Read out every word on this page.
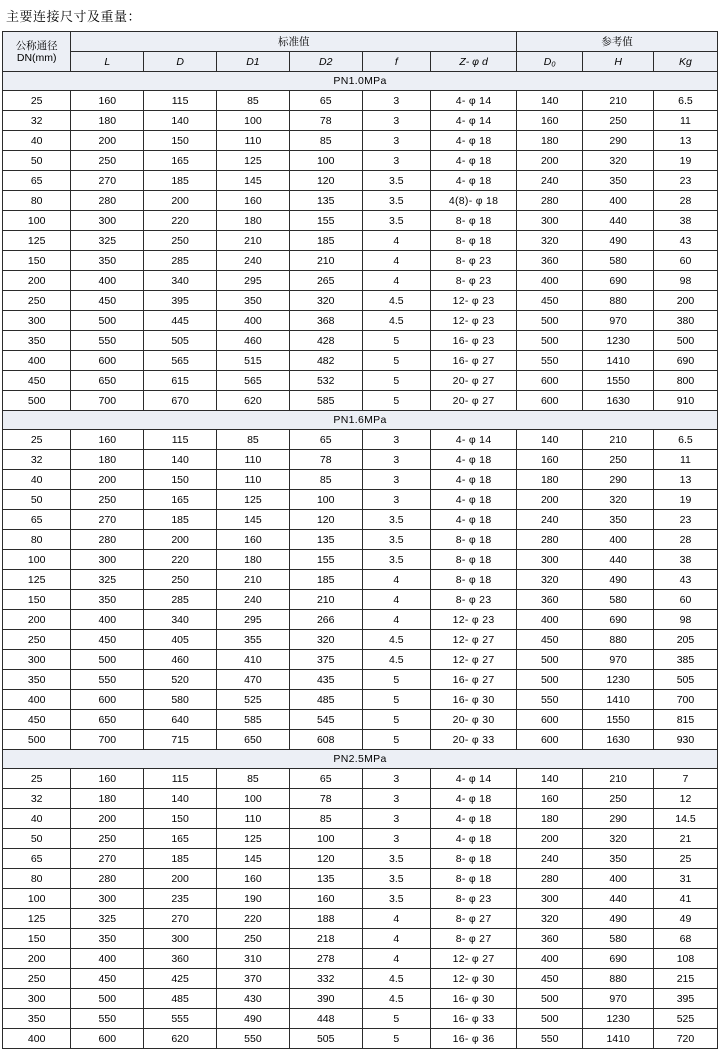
主要连接尺寸及重量：
公称通径
DN(mm)	标准值						参考值		
	L	D	D1	D2	f	Z- φ d	D₀	H	Kg
PN1.0MPa									
25	160	115	85	65	3	4- φ 14	140	210	6.5
32	180	140	100	78	3	4- φ 14	160	250	11
40	200	150	110	85	3	4- φ 18	180	290	13
50	250	165	125	100	3	4- φ 18	200	320	19
65	270	185	145	120	3.5	4- φ 18	240	350	23
80	280	200	160	135	3.5	4(8)- φ 18	280	400	28
100	300	220	180	155	3.5	8- φ 18	300	440	38
125	325	250	210	185	4	8- φ 18	320	490	43
150	350	285	240	210	4	8- φ 23	360	580	60
200	400	340	295	265	4	8- φ 23	400	690	98
250	450	395	350	320	4.5	12- φ 23	450	880	200
300	500	445	400	368	4.5	12- φ 23	500	970	380
350	550	505	460	428	5	16- φ 23	500	1230	500
400	600	565	515	482	5	16- φ 27	550	1410	690
450	650	615	565	532	5	20- φ 27	600	1550	800
500	700	670	620	585	5	20- φ 27	600	1630	910
PN1.6MPa									
25	160	115	85	65	3	4- φ 14	140	210	6.5
32	180	140	110	78	3	4- φ 18	160	250	11
40	200	150	110	85	3	4- φ 18	180	290	13
50	250	165	125	100	3	4- φ 18	200	320	19
65	270	185	145	120	3.5	4- φ 18	240	350	23
80	280	200	160	135	3.5	8- φ 18	280	400	28
100	300	220	180	155	3.5	8- φ 18	300	440	38
125	325	250	210	185	4	8- φ 18	320	490	43
150	350	285	240	210	4	8- φ 23	360	580	60
200	400	340	295	266	4	12- φ 23	400	690	98
250	450	405	355	320	4.5	12- φ 27	450	880	205
300	500	460	410	375	4.5	12- φ 27	500	970	385
350	550	520	470	435	5	16- φ 27	500	1230	505
400	600	580	525	485	5	16- φ 30	550	1410	700
450	650	640	585	545	5	20- φ 30	600	1550	815
500	700	715	650	608	5	20- φ 33	600	1630	930
PN2.5MPa									
25	160	115	85	65	3	4- φ 14	140	210	7
32	180	140	100	78	3	4- φ 18	160	250	12
40	200	150	110	85	3	4- φ 18	180	290	14.5
50	250	165	125	100	3	4- φ 18	200	320	21
65	270	185	145	120	3.5	8- φ 18	240	350	25
80	280	200	160	135	3.5	8- φ 18	280	400	31
100	300	235	190	160	3.5	8- φ 23	300	440	41
125	325	270	220	188	4	8- φ 27	320	490	49
150	350	300	250	218	4	8- φ 27	360	580	68
200	400	360	310	278	4	12- φ 27	400	690	108
250	450	425	370	332	4.5	12- φ 30	450	880	215
300	500	485	430	390	4.5	16- φ 30	500	970	395
350	550	555	490	448	5	16- φ 33	500	1230	525
400	600	620	550	505	5	16- φ 36	550	1410	720
